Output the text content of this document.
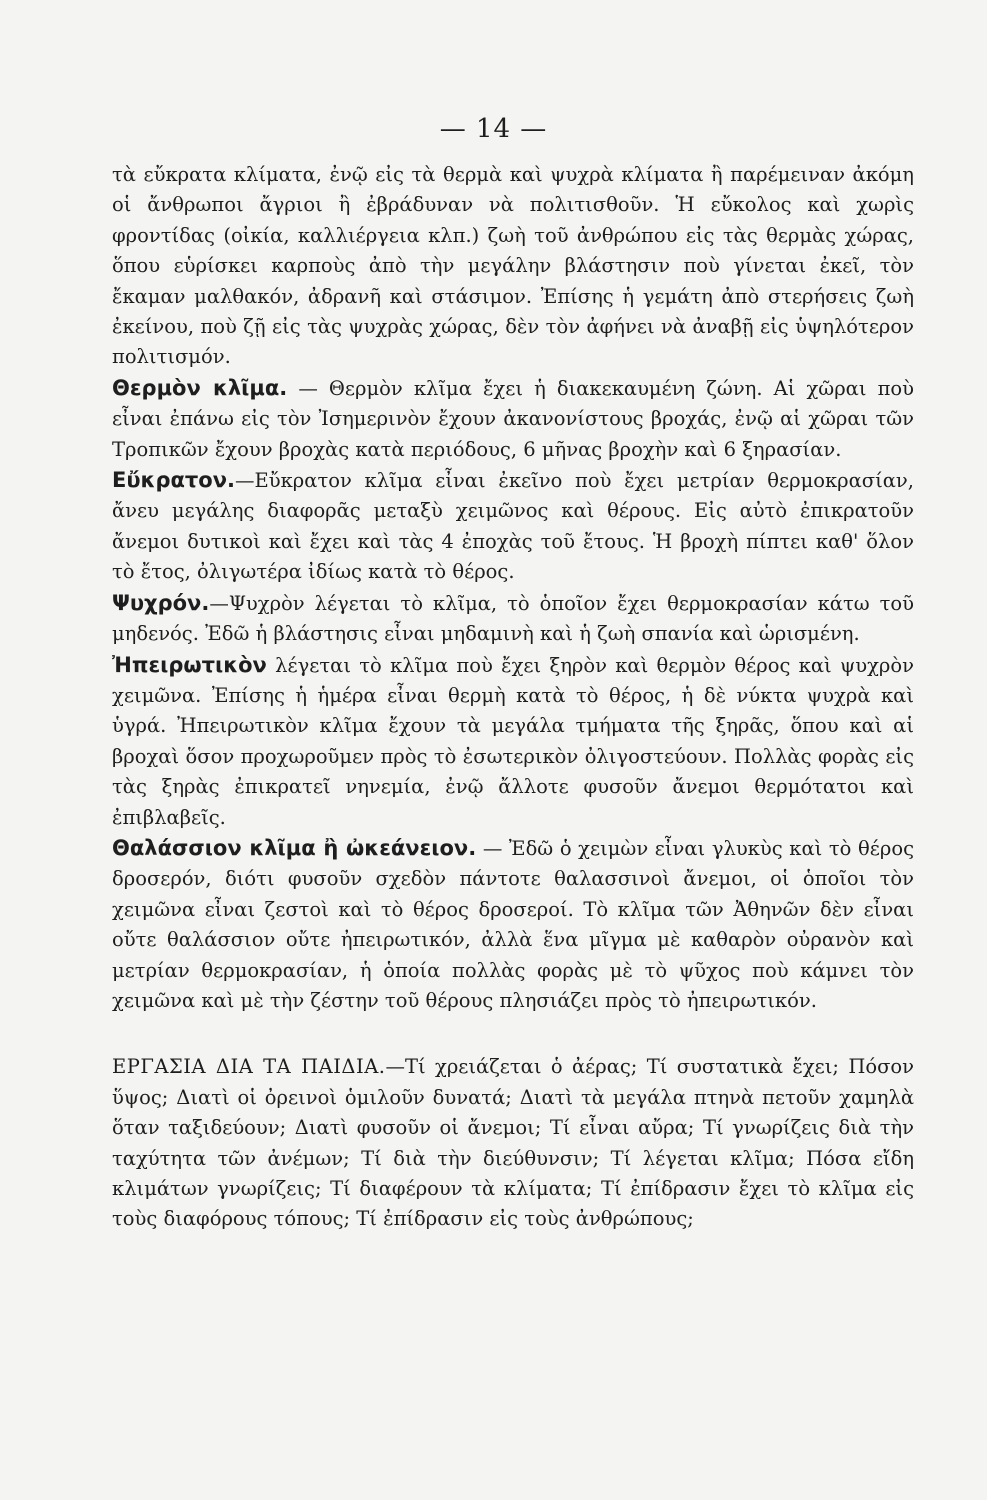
— 14 —

τὰ εὔκρατα κλίματα, ἐνῷ εἰς τὰ θερμὰ καὶ ψυχρὰ κλίματα ἢ παρέμειναν ἀκόμη οἱ ἄνθρωποι ἄγριοι ἢ ἐβράδυναν νὰ πολιτισθοῦν. Ἡ εὔκολος καὶ χωρὶς φροντίδας (οἰκία, καλλιέργεια κλπ.) ζωὴ τοῦ ἀνθρώπου εἰς τὰς θερμὰς χώρας, ὅπου εὑρίσκει καρποὺς ἀπὸ τὴν μεγάλην βλάστησιν ποὺ γίνεται ἐκεῖ, τὸν ἔκαμαν μαλθακόν, ἀδρανῆ καὶ στάσιμον. Ἐπίσης ἡ γεμάτη ἀπὸ στερήσεις ζωὴ ἐκείνου, ποὺ ζῇ εἰς τὰς ψυχρὰς χώρας, δὲν τὸν ἀφήνει νὰ ἀναβῇ εἰς ὑψηλότερον πολιτισμόν.

Θερμὸν κλῖμα. — Θερμὸν κλῖμα ἔχει ἡ διακεκαυμένη ζώνη. Αἱ χῶραι ποὺ εἶναι ἐπάνω εἰς τὸν Ἰσημερινὸν ἔχουν ἀκανονίστους βροχάς, ἐνῷ αἱ χῶραι τῶν Τροπικῶν ἔχουν βροχὰς κατὰ περιόδους, 6 μῆνας βροχὴν καὶ 6 ξηρασίαν.

Εὔκρατον.—Εὔκρατον κλῖμα εἶναι ἐκεῖνο ποὺ ἔχει μετρίαν θερμοκρασίαν, ἄνευ μεγάλης διαφορᾶς μεταξὺ χειμῶνος καὶ θέρους. Εἰς αὐτὸ ἐπικρατοῦν ἄνεμοι δυτικοὶ καὶ ἔχει καὶ τὰς 4 ἐποχὰς τοῦ ἔτους. Ἡ βροχὴ πίπτει καθ' ὅλον τὸ ἔτος, ὀλιγωτέρα ἰδίως κατὰ τὸ θέρος.

Ψυχρόν.—Ψυχρὸν λέγεται τὸ κλῖμα, τὸ ὁποῖον ἔχει θερμοκρασίαν κάτω τοῦ μηδενός. Ἐδῶ ἡ βλάστησις εἶναι μηδαμινὴ καὶ ἡ ζωὴ σπανία καὶ ὡρισμένη.

Ἠπειρωτικὸν λέγεται τὸ κλῖμα ποὺ ἔχει ξηρὸν καὶ θερμὸν θέρος καὶ ψυχρὸν χειμῶνα. Ἐπίσης ἡ ἡμέρα εἶναι θερμὴ κατὰ τὸ θέρος, ἡ δὲ νύκτα ψυχρὰ καὶ ὑγρά. Ἠπειρωτικὸν κλῖμα ἔχουν τὰ μεγάλα τμήματα τῆς ξηρᾶς, ὅπου καὶ αἱ βροχαὶ ὅσον προχωροῦμεν πρὸς τὸ ἐσωτερικὸν ὀλιγοστεύουν. Πολλὰς φορὰς εἰς τὰς ξηρὰς ἐπικρατεῖ νηνεμία, ἐνῷ ἄλλοτε φυσοῦν ἄνεμοι θερμότατοι καὶ ἐπιβλαβεῖς.

Θαλάσσιον κλῖμα ἢ ὠκεάνειον. — Ἐδῶ ὁ χειμὼν εἶναι γλυκὺς καὶ τὸ θέρος δροσερόν, διότι φυσοῦν σχεδὸν πάντοτε θαλασσινοὶ ἄνεμοι, οἱ ὁποῖοι τὸν χειμῶνα εἶναι ζεστοὶ καὶ τὸ θέρος δροσεροί. Τὸ κλῖμα τῶν Ἀθηνῶν δὲν εἶναι οὔτε θαλάσσιον οὔτε ἠπειρωτικόν, ἀλλὰ ἕνα μῖγμα μὲ καθαρὸν οὐρανὸν καὶ μετρίαν θερμοκρασίαν, ἡ ὁποία πολλὰς φορὰς μὲ τὸ ψῦχος ποὺ κάμνει τὸν χειμῶνα καὶ μὲ τὴν ζέστην τοῦ θέρους πλησιάζει πρὸς τὸ ἠπειρωτικόν.

ΕΡΓΑΣΙΑ ΔΙΑ ΤΑ ΠΑΙΔΙΑ.—Τί χρειάζεται ὁ ἀέρας; Τί συστατικὰ ἔχει; Πόσον ὕψος; Διατὶ οἱ ὀρεινοὶ ὁμιλοῦν δυνατά; Διατὶ τὰ μεγάλα πτηνὰ πετοῦν χαμηλὰ ὅταν ταξιδεύουν; Διατὶ φυσοῦν οἱ ἄνεμοι; Τί εἶναι αὔρα; Τί γνωρίζεις διὰ τὴν ταχύτητα τῶν ἀνέμων; Τί διὰ τὴν διεύθυνσιν; Τί λέγεται κλῖμα; Πόσα εἴδη κλιμάτων γνωρίζεις; Τί διαφέρουν τὰ κλίματα; Τί ἐπίδρασιν ἔχει τὸ κλῖμα εἰς τοὺς διαφόρους τόπους; Τί ἐπίδρασιν εἰς τοὺς ἀνθρώπους;
